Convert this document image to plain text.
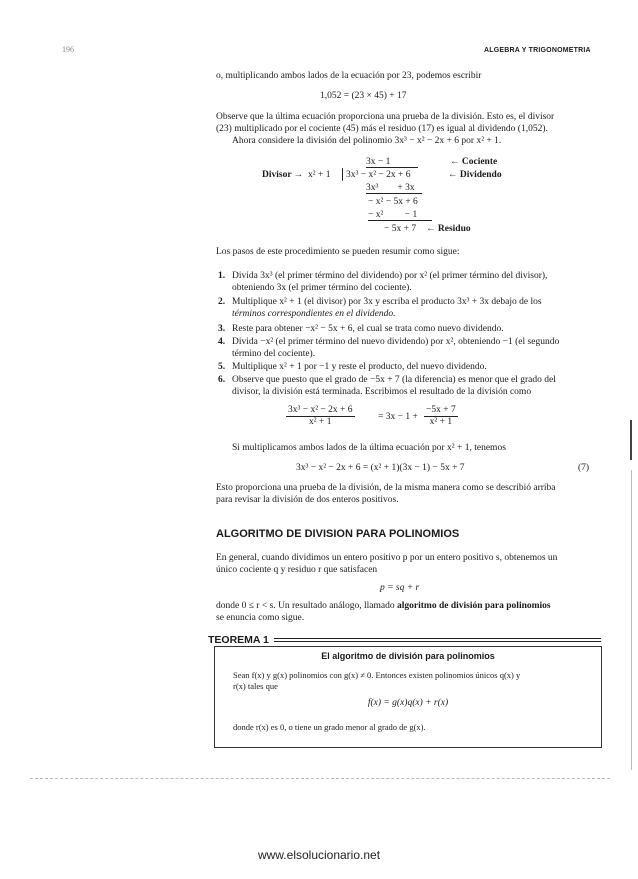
196	ALGEBRA Y TRIGONOMETRIA
o, multiplicando ambos lados de la ecuación por 23, podemos escribir
1,052 = (23 × 45) + 17
Observe que la última ecuación proporciona una prueba de la división. Esto es, el divisor
(23) multiplicado por el cociente (45) más el residuo (17) es igual al dividendo (1,052).
Ahora considere la división del polinomio 3x³ − x² − 2x + 6 por x² + 1.
3x − 1	← Cociente
Divisor → x² + 1 3x³ − x² − 2x + 6	← Dividendo
3x³        + 3x
− x² − 5x + 6
− x²         − 1
− 5x + 7 ← Residuo
Los pasos de este procedimiento se pueden resumir como sigue:
1. Divida 3x³ (el primer término del dividendo) por x² (el primer término del divisor),
obteniendo 3x (el primer término del cociente).
2. Multiplique x² + 1 (el divisor) por 3x y escriba el producto 3x³ + 3x debajo de los
términos correspondientes en el dividendo.
3. Reste para obtener −x² − 5x + 6, el cual se trata como nuevo dividendo.
4. Divida −x² (el primer término del nuevo dividendo) por x², obteniendo −1 (el segundo
término del cociente).
5. Multiplique x² + 1 por −1 y reste el producto, del nuevo dividendo.
6. Observe que puesto que el grado de −5x + 7 (la diferencia) es menor que el grado del
divisor, la división está terminada. Escribimos el resultado de la división como
$\frac{\text{3x³ − x² − 2x + 6}}{\text{x² + 1}} = 3x - 1 + \frac{-5x + 7}{\text{x² + 1}}$
Si multiplicamos ambos lados de la última ecuación por x² + 1, tenemos
3x³ − x² − 2x + 6 = (x² + 1)(3x − 1) − 5x + 7	(7)
Esto proporciona una prueba de la división, de la misma manera como se describió arriba
para revisar la división de dos enteros positivos.
ALGORITMO DE DIVISION PARA POLINOMIOS
En general, cuando dividimos un entero positivo p por un entero positivo s, obtenemos un
único cociente q y residuo r que satisfacen
p = sq + r
donde 0 ≤ r < s. Un resultado análogo, llamado algoritmo de división para polinomios
se enuncia como sigue.
TEOREMA 1
El algoritmo de división para polinomios
Sean f(x) y g(x) polinomios con g(x) ≠ 0. Entonces existen polinomios únicos q(x) y
r(x) tales que
f(x) = g(x)q(x) + r(x)
donde r(x) es 0, o tiene un grado menor al grado de g(x).
www.elsolucionario.net
